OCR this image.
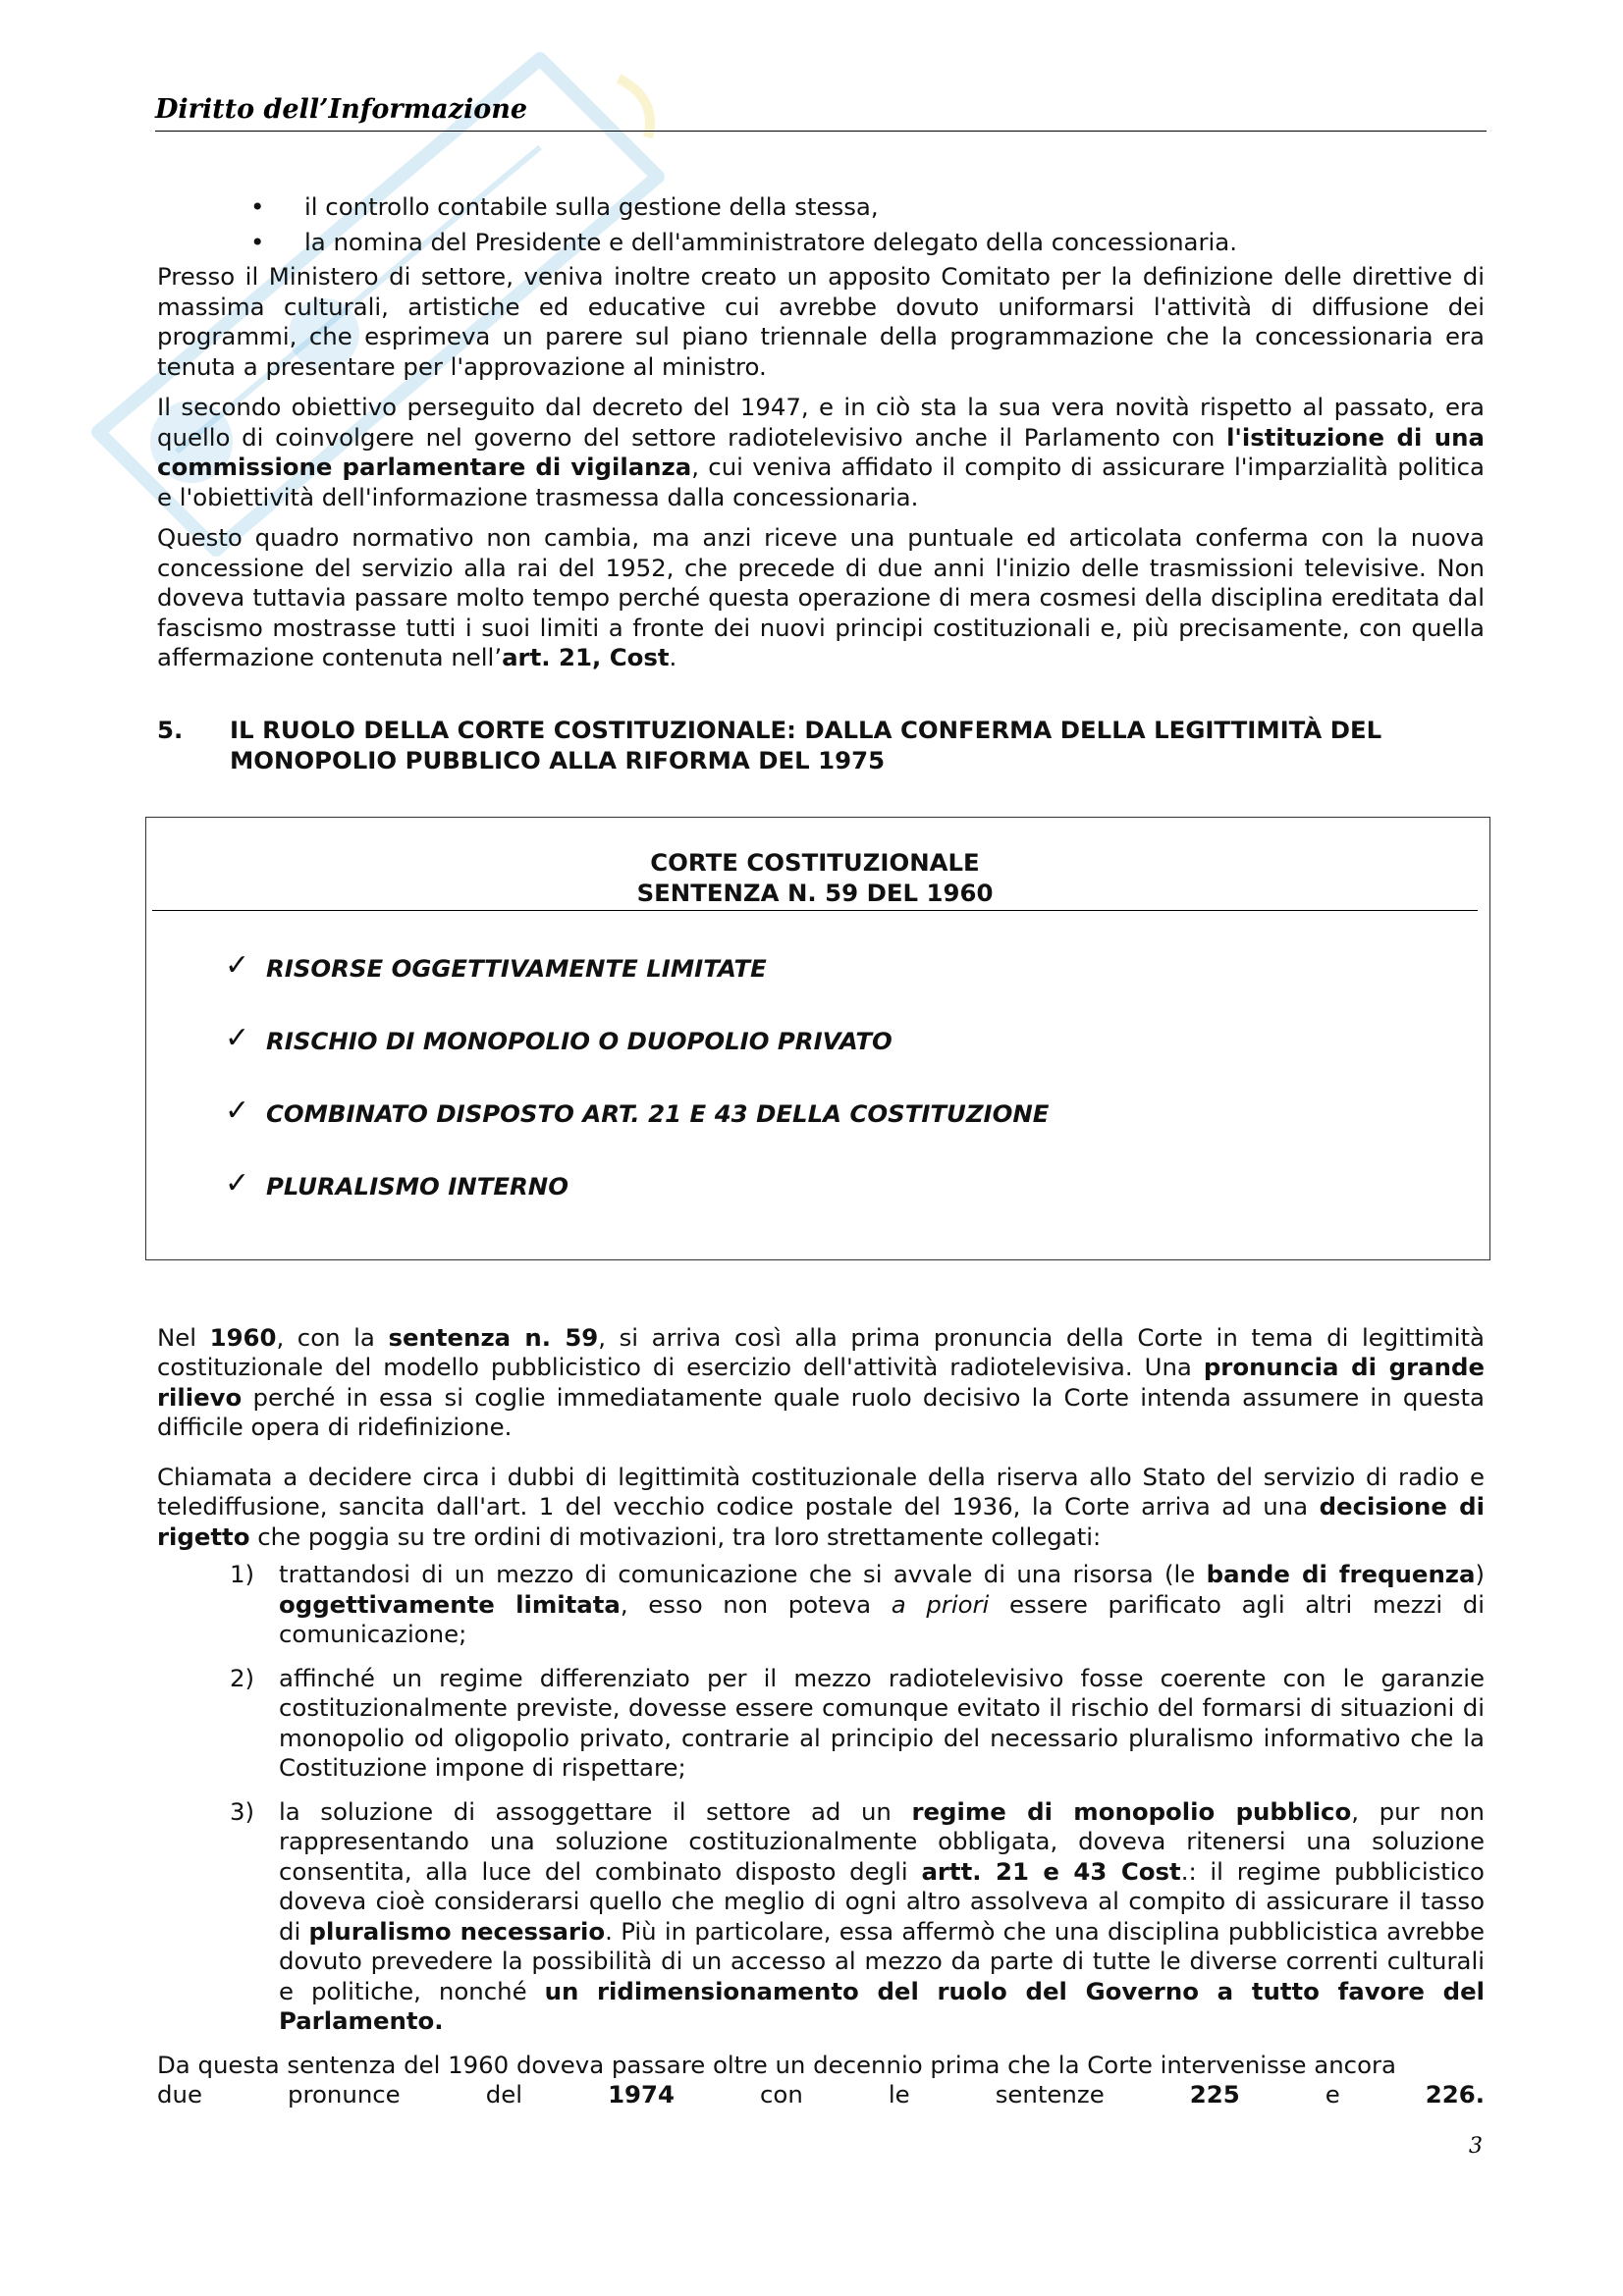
Diritto dell’Informazione
• il controllo contabile sulla gestione della stessa,
• la nomina del Presidente e dell'amministratore delegato della concessionaria.

Presso il Ministero di settore, veniva inoltre creato un apposito Comitato per la definizione delle direttive di massima culturali, artistiche ed educative cui avrebbe dovuto uniformarsi l'attività di diffusione dei programmi, che esprimeva un parere sul piano triennale della programmazione che la concessionaria era tenuta a presentare per l'approvazione al ministro.

Il secondo obiettivo perseguito dal decreto del 1947, e in ciò sta la sua vera novità rispetto al passato, era quello di coinvolgere nel governo del settore radiotelevisivo anche il Parlamento con l'istituzione di una commissione parlamentare di vigilanza, cui veniva affidato il compito di assicurare l'imparzialità politica e l'obiettività dell'informazione trasmessa dalla concessionaria.

Questo quadro normativo non cambia, ma anzi riceve una puntuale ed articolata conferma con la nuova concessione del servizio alla rai del 1952, che precede di due anni l'inizio delle trasmissioni televisive. Non doveva tuttavia passare molto tempo perché questa operazione di mera cosmesi della disciplina ereditata dal fascismo mostrasse tutti i suoi limiti a fronte dei nuovi principi costituzionali e, più precisamente, con quella affermazione contenuta nell’art. 21, Cost.

5.	IL RUOLO DELLA CORTE COSTITUZIONALE: DALLA CONFERMA DELLA LEGITTIMITÀ DEL MONOPOLIO PUBBLICO ALLA RIFORMA DEL 1975
CORTE COSTITUZIONALE
SENTENZA N. 59 DEL 1960
✓ RISORSE OGGETTIVAMENTE LIMITATE
✓ RISCHIO DI MONOPOLIO O DUOPOLIO PRIVATO
✓ COMBINATO DISPOSTO ART. 21 E 43 DELLA COSTITUZIONE
✓ PLURALISMO INTERNO

Nel 1960, con la sentenza n. 59, si arriva così alla prima pronuncia della Corte in tema di legittimità costituzionale del modello pubblicistico di esercizio dell'attività radiotelevisiva. Una pronuncia di grande rilievo perché in essa si coglie immediatamente quale ruolo decisivo la Corte intenda assumere in questa difficile opera di ridefinizione.

Chiamata a decidere circa i dubbi di legittimità costituzionale della riserva allo Stato del servizio di radio e telediffusione, sancita dall'art. 1 del vecchio codice postale del 1936, la Corte arriva ad una decisione di rigetto che poggia su tre ordini di motivazioni, tra loro strettamente collegati:

1) trattandosi di un mezzo di comunicazione che si avvale di una risorsa (le bande di frequenza) oggettivamente limitata, esso non poteva a priori essere parificato agli altri mezzi di comunicazione;

2) affinché un regime differenziato per il mezzo radiotelevisivo fosse coerente con le garanzie costituzionalmente previste, dovesse essere comunque evitato il rischio del formarsi di situazioni di monopolio od oligopolio privato, contrarie al principio del necessario pluralismo informativo che la Costituzione impone di rispettare;

3) la soluzione di assoggettare il settore ad un regime di monopolio pubblico, pur non rappresentando una soluzione costituzionalmente obbligata, doveva ritenersi una soluzione consentita, alla luce del combinato disposto degli artt. 21 e 43 Cost.: il regime pubblicistico doveva cioè considerarsi quello che meglio di ogni altro assolveva al compito di assicurare il tasso di pluralismo necessario. Più in particolare, essa affermò che una disciplina pubblicistica avrebbe dovuto prevedere la possibilità di un accesso al mezzo da parte di tutte le diverse correnti culturali e politiche, nonché un ridimensionamento del ruolo del Governo a tutto favore del Parlamento.

Da questa sentenza del 1960 doveva passare oltre un decennio prima che la Corte intervenisse ancora

due	pronunce	del	1974	con	le	sentenze	225	e	226.
3
